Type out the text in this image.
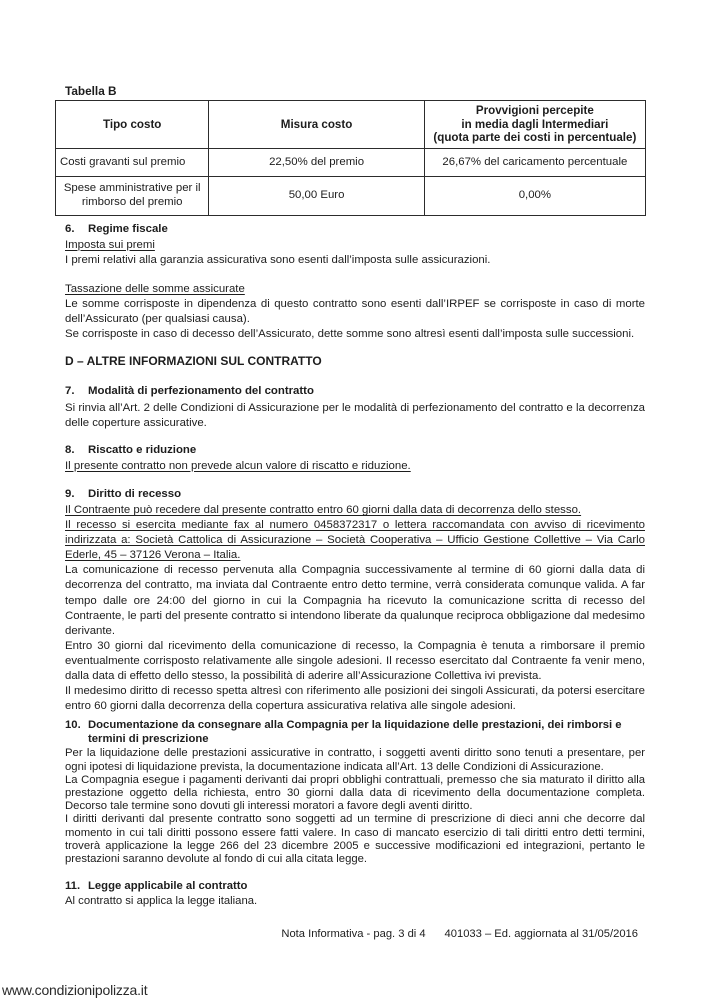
Tabella B
Tipo costo	Misura costo	Provvigioni percepite
in media dagli Intermediari
(quota parte dei costi in percentuale)

Costi gravanti sul premio	22,50% del premio	26,67% del caricamento percentuale
Spese amministrative per il rimborso del premio	50,00 Euro	0,00%
6.	Regime fiscale
Imposta sui premi
I premi relativi alla garanzia assicurativa sono esenti dall’imposta sulle assicurazioni.
Tassazione delle somme assicurate
Le somme corrisposte in dipendenza di questo contratto sono esenti dall’IRPEF se corrisposte in caso di morte dell’Assicurato (per qualsiasi causa).
Se corrisposte in caso di decesso dell’Assicurato, dette somme sono altresì esenti dall’imposta sulle successioni.
D – ALTRE INFORMAZIONI SUL CONTRATTO
7.	Modalità di perfezionamento del contratto
Si rinvia all’Art. 2 delle Condizioni di Assicurazione per le modalità di perfezionamento del contratto e la decorrenza delle coperture assicurative.
8.	Riscatto e riduzione
Il presente contratto non prevede alcun valore di riscatto e riduzione.
9.	Diritto di recesso
Il Contraente può recedere dal presente contratto entro 60 giorni dalla data di decorrenza dello stesso.
Il recesso si esercita mediante fax al numero 0458372317 o lettera raccomandata con avviso di ricevimento indirizzata a: Società Cattolica di Assicurazione – Società Cooperativa – Ufficio Gestione Collettive – Via Carlo Ederle, 45 – 37126 Verona – Italia.
La comunicazione di recesso pervenuta alla Compagnia successivamente al termine di 60 giorni dalla data di decorrenza del contratto, ma inviata dal Contraente entro detto termine, verrà considerata comunque valida. A far tempo dalle ore 24:00 del giorno in cui la Compagnia ha ricevuto la comunicazione scritta di recesso del Contraente, le parti del presente contratto si intendono liberate da qualunque reciproca obbligazione dal medesimo derivante.
Entro 30 giorni dal ricevimento della comunicazione di recesso, la Compagnia è tenuta a rimborsare il premio eventualmente corrisposto relativamente alle singole adesioni. Il recesso esercitato dal Contraente fa venir meno, dalla data di effetto dello stesso, la possibilità di aderire all’Assicurazione Collettiva ivi prevista.
Il medesimo diritto di recesso spetta altresì con riferimento alle posizioni dei singoli Assicurati, da potersi esercitare entro 60 giorni dalla decorrenza della copertura assicurativa relativa alle singole adesioni.
10. Documentazione da consegnare alla Compagnia per la liquidazione delle prestazioni, dei rimborsi e termini di prescrizione
Per la liquidazione delle prestazioni assicurative in contratto, i soggetti aventi diritto sono tenuti a presentare, per ogni ipotesi di liquidazione prevista, la documentazione indicata all’Art. 13 delle Condizioni di Assicurazione.
La Compagnia esegue i pagamenti derivanti dai propri obblighi contrattuali, premesso che sia maturato il diritto alla prestazione oggetto della richiesta, entro 30 giorni dalla data di ricevimento della documentazione completa. Decorso tale termine sono dovuti gli interessi moratori a favore degli aventi diritto.
I diritti derivanti dal presente contratto sono soggetti ad un termine di prescrizione di dieci anni che decorre dal momento in cui tali diritti possono essere fatti valere. In caso di mancato esercizio di tali diritti entro detti termini, troverà applicazione la legge 266 del 23 dicembre 2005 e successive modificazioni ed integrazioni, pertanto le prestazioni saranno devolute al fondo di cui alla citata legge.
11. Legge applicabile al contratto
Al contratto si applica la legge italiana.
Nota Informativa - pag. 3 di 4	401033 – Ed. aggiornata al 31/05/2016
www.condizionipolizza.it
